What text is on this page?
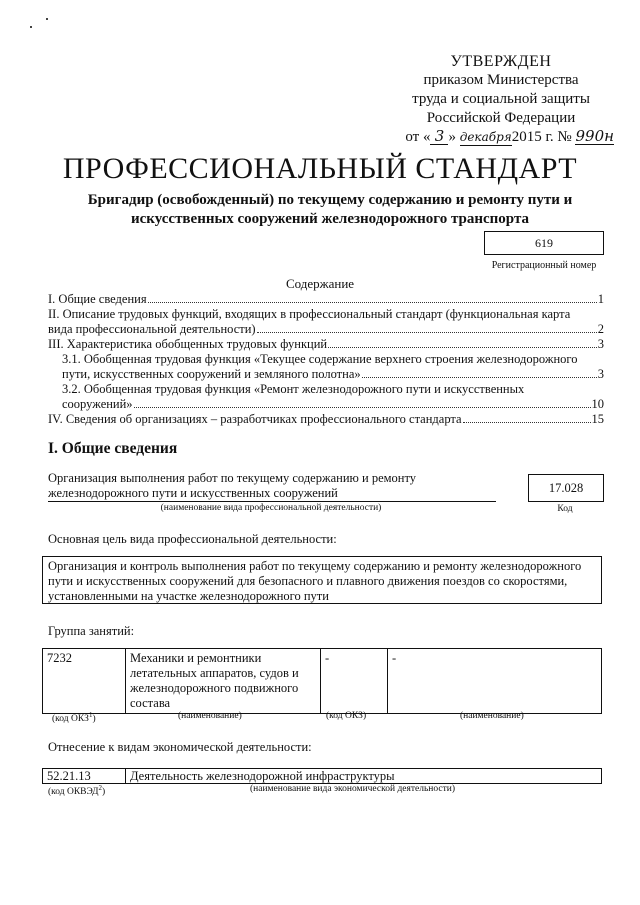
УТВЕРЖДЕН
приказом Министерства
труда и социальной защиты
Российской Федерации
от « 3 » декабря2015 г. № 990н
ПРОФЕССИОНАЛЬНЫЙ СТАНДАРТ
Бригадир (освобожденный) по текущему содержанию и ремонту пути и искусственных сооружений железнодорожного транспорта
619
Регистрационный номер
Содержание
I. Общие сведения	1
II. Описание трудовых функций, входящих в профессиональный стандарт (функциональная карта
вида профессиональной деятельности)	2
III. Характеристика обобщенных трудовых функций	3
3.1. Обобщенная трудовая функция «Текущее содержание верхнего строения железнодорожного
пути, искусственных сооружений и земляного полотна»	3
3.2. Обобщенная трудовая функция «Ремонт железнодорожного пути и искусственных
сооружений»	10
IV. Сведения об организациях – разработчиках профессионального стандарта	15
I. Общие сведения
Организация выполнения работ по текущему содержанию и ремонту железнодорожного пути и искусственных сооружений
(наименование вида профессиональной деятельности)
17.028
Код
Основная цель вида профессиональной деятельности:
Организация и контроль выполнения работ по текущему содержанию и ремонту железнодорожного пути и искусственных сооружений для безопасного и плавного движения поездов со скоростями, установленными на участке железнодорожного пути
Группа занятий:
7232	Механики и ремонтники летательных аппаратов, судов и железнодорожного подвижного состава	-	-
(код ОКЗ$^1$)	(наименование)	(код ОКЗ)	(наименование)
Отнесение к видам экономической деятельности:
52.21.13	Деятельность железнодорожной инфраструктуры
(код ОКВЭД$^2$)	(наименование вида экономической деятельности)
